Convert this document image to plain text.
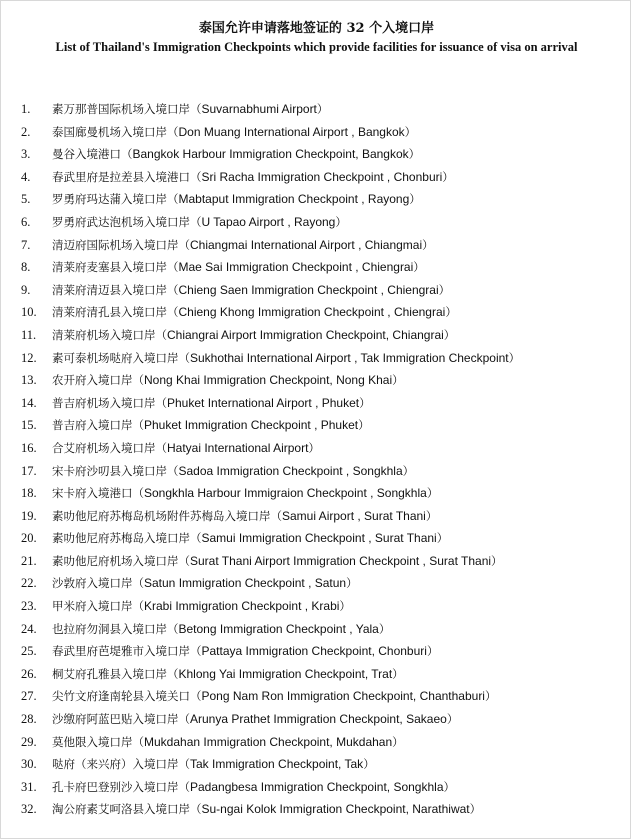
泰国允许申请落地签证的 32 个入境口岸
List of Thailand's Immigration Checkpoints which provide facilities for issuance of visa on arrival
1.	素万那普国际机场入境口岸（Suvarnabhumi Airport）
2.	泰国廊曼机场入境口岸（Don Muang International Airport , Bangkok）
3.	曼谷入境港口（Bangkok Harbour Immigration Checkpoint, Bangkok）
4.	春武里府是拉差县入境港口（Sri Racha Immigration Checkpoint , Chonburi）
5.	罗勇府玛达蒲入境口岸（Mabtaput Immigration Checkpoint , Rayong）
6.	罗勇府武达泡机场入境口岸（U Tapao Airport , Rayong）
7.	清迈府国际机场入境口岸（Chiangmai International Airport , Chiangmai）
8.	清莱府麦塞县入境口岸（Mae Sai Immigration Checkpoint , Chiengrai）
9.	清莱府清迈县入境口岸（Chieng Saen Immigration Checkpoint , Chiengrai）
10.	清莱府清孔县入境口岸（Chieng Khong Immigration Checkpoint , Chiengrai）
11.	清莱府机场入境口岸（Chiangrai Airport Immigration Checkpoint, Chiangrai）
12.	素可泰机场哒府入境口岸（Sukhothai International Airport , Tak Immigration Checkpoint）
13.	农开府入境口岸（Nong Khai Immigration Checkpoint, Nong Khai）
14.	普吉府机场入境口岸（Phuket International Airport , Phuket）
15.	普吉府入境口岸（Phuket Immigration Checkpoint , Phuket）
16.	合艾府机场入境口岸（Hatyai International Airport）
17.	宋卡府沙叨县入境口岸（Sadoa Immigration Checkpoint , Songkhla）
18.	宋卡府入境港口（Songkhla Harbour Immigraion Checkpoint , Songkhla）
19.	素叻他尼府苏梅岛机场附件苏梅岛入境口岸（Samui Airport , Surat Thani）
20.	素叻他尼府苏梅岛入境口岸（Samui Immigration Checkpoint , Surat Thani）
21.	素叻他尼府机场入境口岸（Surat Thani Airport Immigration Checkpoint , Surat Thani）
22.	沙敦府入境口岸（Satun Immigration Checkpoint , Satun）
23.	甲米府入境口岸（Krabi Immigration Checkpoint , Krabi）
24.	也拉府勿洞县入境口岸（Betong Immigration Checkpoint , Yala）
25.	春武里府芭堤雅市入境口岸（Pattaya Immigration Checkpoint, Chonburi）
26.	桐艾府孔雅县入境口岸（Khlong Yai Immigration Checkpoint, Trat）
27.	尖竹文府逢南轮县入境关口（Pong Nam Ron Immigration Checkpoint, Chanthaburi）
28.	沙缴府阿蓝巴贴入境口岸（Arunya Prathet Immigration Checkpoint, Sakaeo）
29.	莫他限入境口岸（Mukdahan Immigration Checkpoint, Mukdahan）
30.	哒府（来兴府）入境口岸（Tak Immigration Checkpoint, Tak）
31.	孔卡府巴登别沙入境口岸（Padangbesa Immigration Checkpoint, Songkhla）
32.	淘公府素艾呵洛县入境口岸（Su-ngai Kolok Immigration Checkpoint, Narathiwat）
